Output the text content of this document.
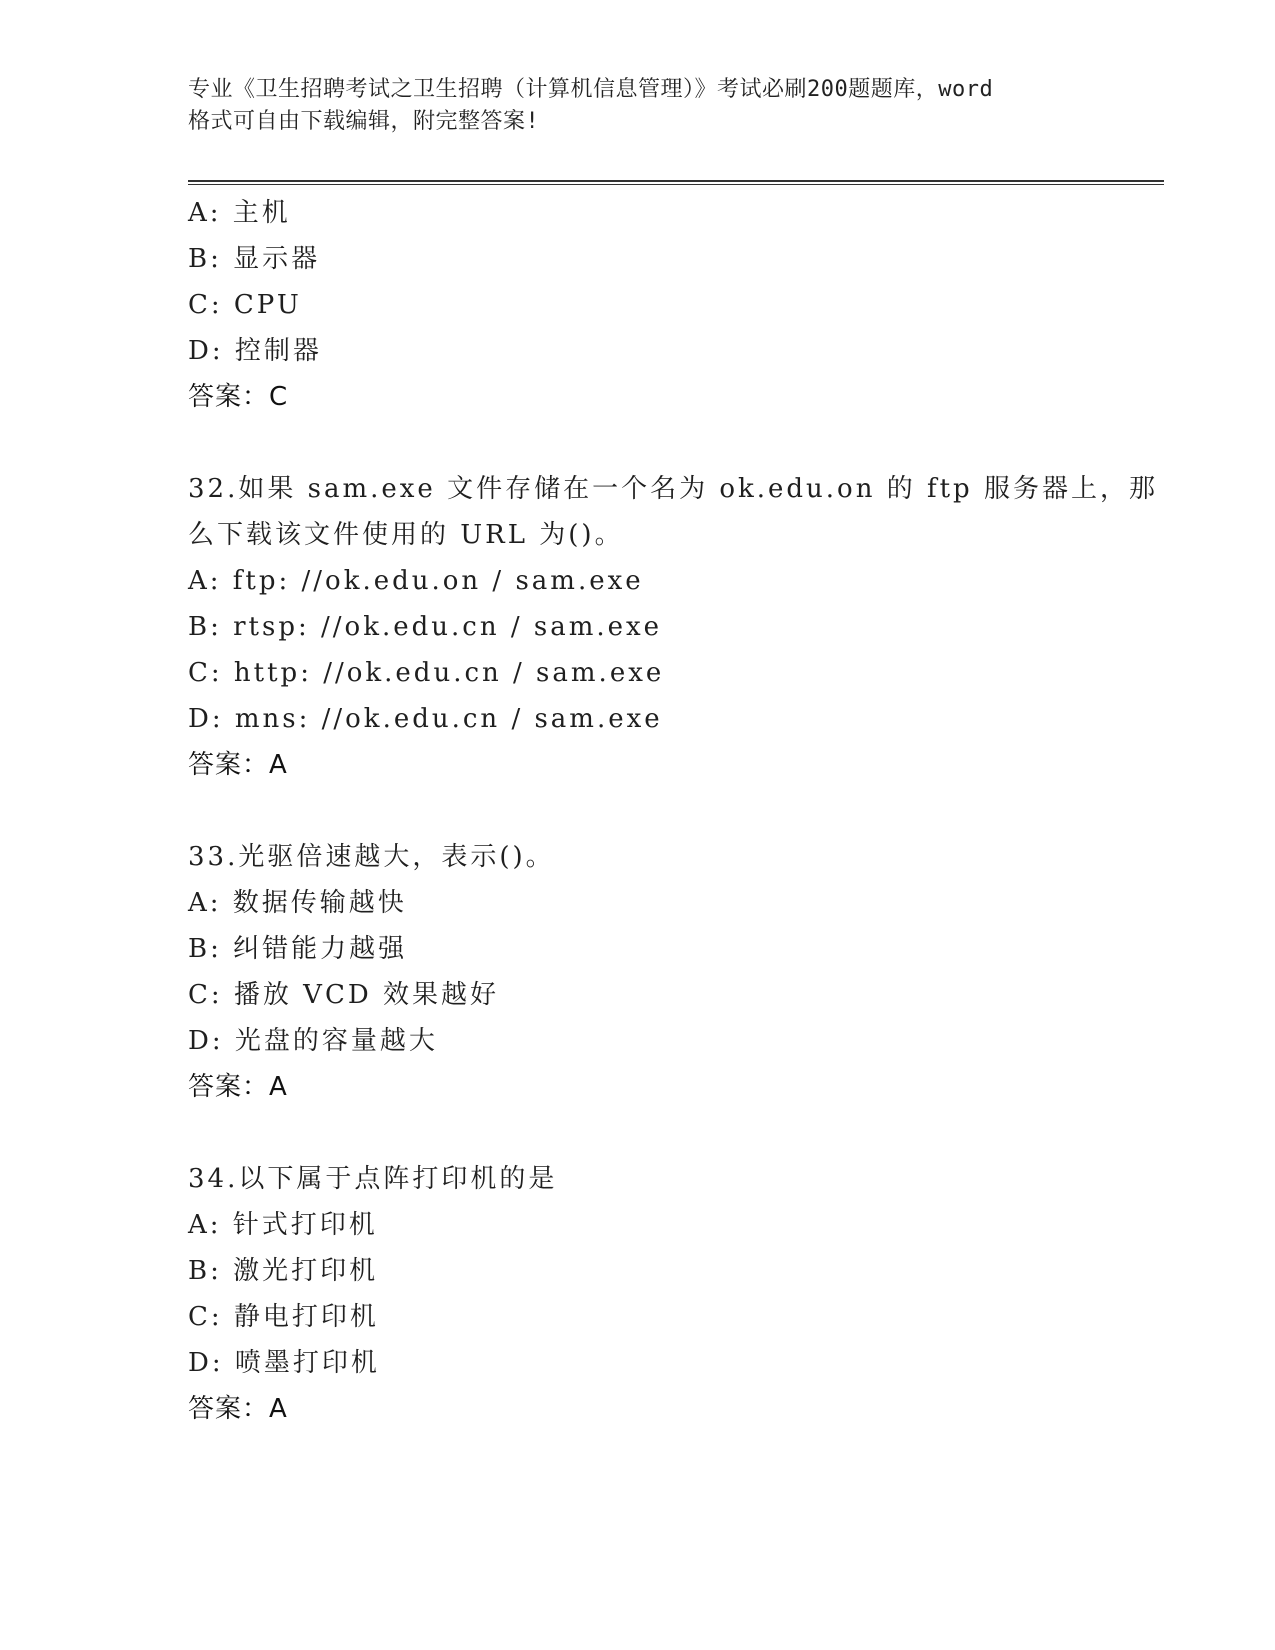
专业《卫生招聘考试之卫生招聘（计算机信息管理）》考试必刷200题题库，word
格式可自由下载编辑，附完整答案!
A: 主机
B: 显示器
C: CPU
D: 控制器
答案：C
32.如果 sam.exe 文件存储在一个名为 ok.edu.on 的 ftp 服务器上，那
么下载该文件使用的 URL 为()。
A: ftp: //ok.edu.on / sam.exe
B: rtsp: //ok.edu.cn / sam.exe
C: http: //ok.edu.cn / sam.exe
D: mns: //ok.edu.cn / sam.exe
答案：A
33.光驱倍速越大，表示()。
A: 数据传输越快
B: 纠错能力越强
C: 播放 VCD 效果越好
D: 光盘的容量越大
答案：A
34.以下属于点阵打印机的是
A: 针式打印机
B: 激光打印机
C: 静电打印机
D: 喷墨打印机
答案：A
